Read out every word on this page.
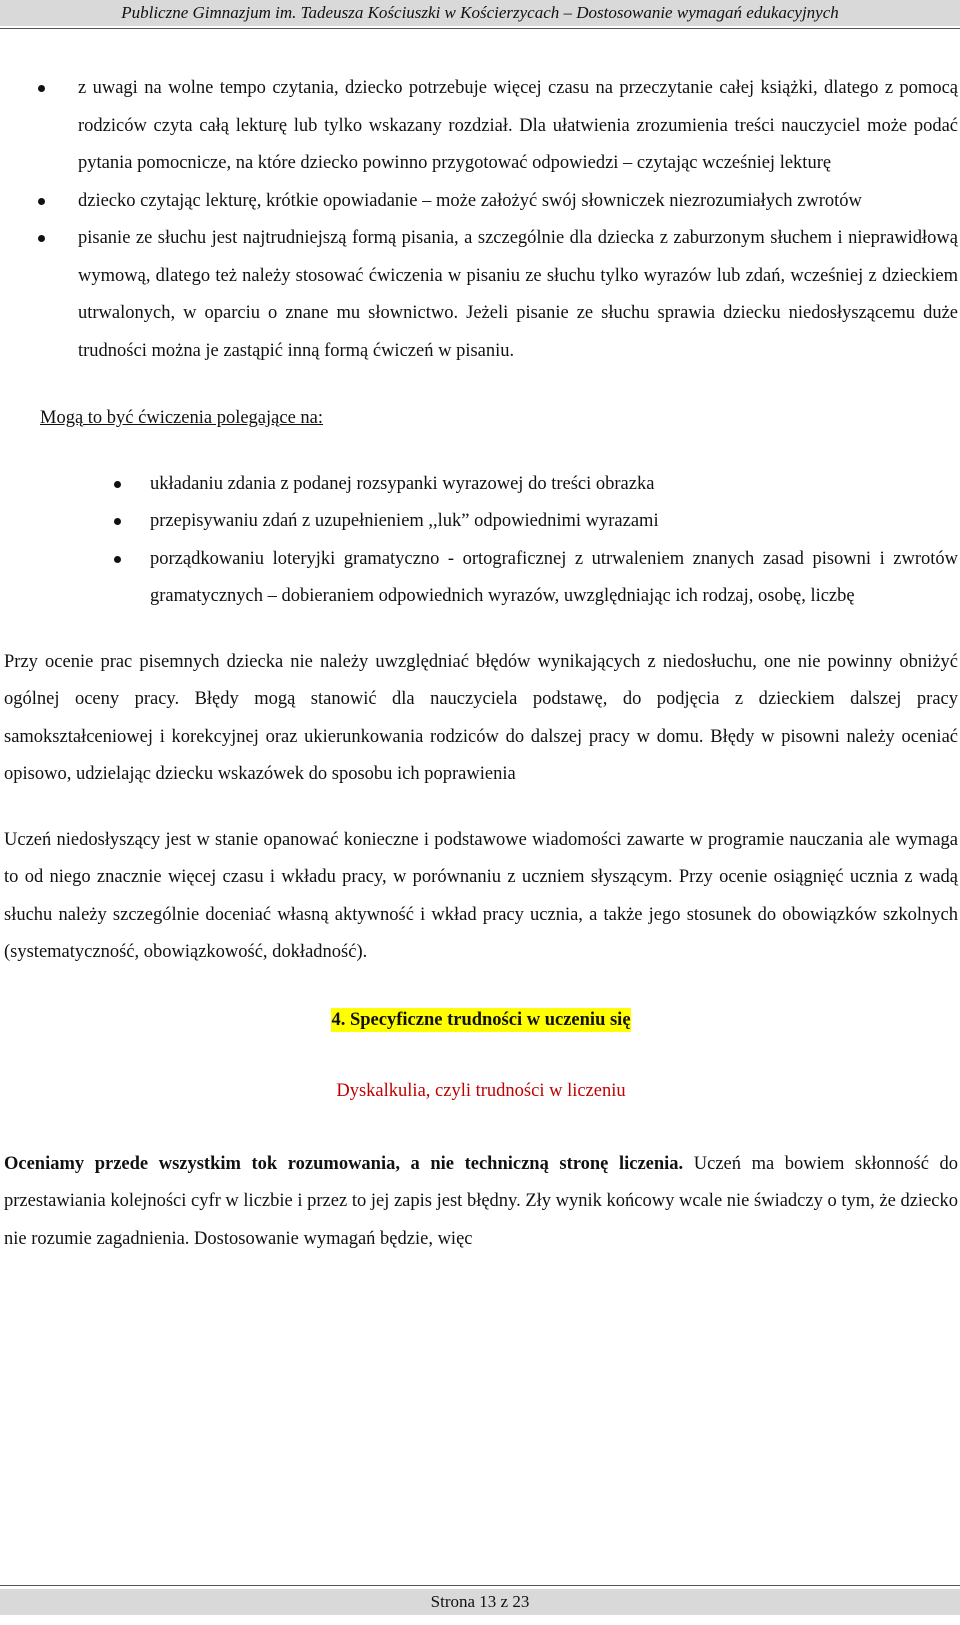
Publiczne Gimnazjum im. Tadeusza Kościuszki w Kościerzycach – Dostosowanie wymagań edukacyjnych
z uwagi na wolne tempo czytania, dziecko potrzebuje więcej czasu na przeczytanie całej książki, dlatego z pomocą rodziców czyta całą lekturę lub tylko wskazany rozdział. Dla ułatwienia zrozumienia treści nauczyciel może podać pytania pomocnicze, na które dziecko powinno przygotować odpowiedzi – czytając wcześniej lekturę
dziecko czytając lekturę, krótkie opowiadanie – może założyć swój słowniczek niezrozumiałych zwrotów
pisanie ze słuchu jest najtrudniejszą formą pisania, a szczególnie dla dziecka z zaburzonym słuchem i nieprawidłową wymową, dlatego też należy stosować ćwiczenia w pisaniu ze słuchu tylko wyrazów lub zdań, wcześniej z dzieckiem utrwalonych, w oparciu o znane mu słownictwo. Jeżeli pisanie ze słuchu sprawia dziecku niedosłyszącemu duże trudności można je zastąpić inną formą ćwiczeń w pisaniu.

Mogą to być ćwiczenia polegające na:

układaniu zdania z podanej rozsypanki wyrazowej do treści obrazka
przepisywaniu zdań z uzupełnieniem ,,luk” odpowiednimi wyrazami
porządkowaniu loteryjki gramatyczno - ortograficznej z utrwaleniem znanych zasad pisowni i zwrotów gramatycznych – dobieraniem odpowiednich wyrazów, uwzględniając ich rodzaj, osobę, liczbę

Przy ocenie prac pisemnych dziecka nie należy uwzględniać błędów wynikających z niedosłuchu, one nie powinny obniżyć ogólnej oceny pracy. Błędy mogą stanowić dla nauczyciela podstawę, do podjęcia z dzieckiem dalszej pracy samokształceniowej i korekcyjnej oraz ukierunkowania rodziców do dalszej pracy w domu. Błędy w pisowni należy oceniać opisowo, udzielając dziecku wskazówek do sposobu ich poprawienia

Uczeń niedosłyszący jest w stanie opanować konieczne i podstawowe wiadomości zawarte w programie nauczania ale wymaga to od niego znacznie więcej czasu i wkładu pracy, w porównaniu z uczniem słyszącym. Przy ocenie osiągnięć ucznia z wadą słuchu należy szczególnie doceniać własną aktywność i wkład pracy ucznia, a także jego stosunek do obowiązków szkolnych (systematyczność, obowiązkowość, dokładność).

4. Specyficzne trudności w uczeniu się

Dyskalkulia, czyli trudności w liczeniu

Oceniamy przede wszystkim tok rozumowania, a nie techniczną stronę liczenia. Uczeń ma bowiem skłonność do przestawiania kolejności cyfr w liczbie i przez to jej zapis jest błędny. Zły wynik końcowy wcale nie świadczy o tym, że dziecko nie rozumie zagadnienia. Dostosowanie wymagań będzie, więc

Strona 13 z 23
